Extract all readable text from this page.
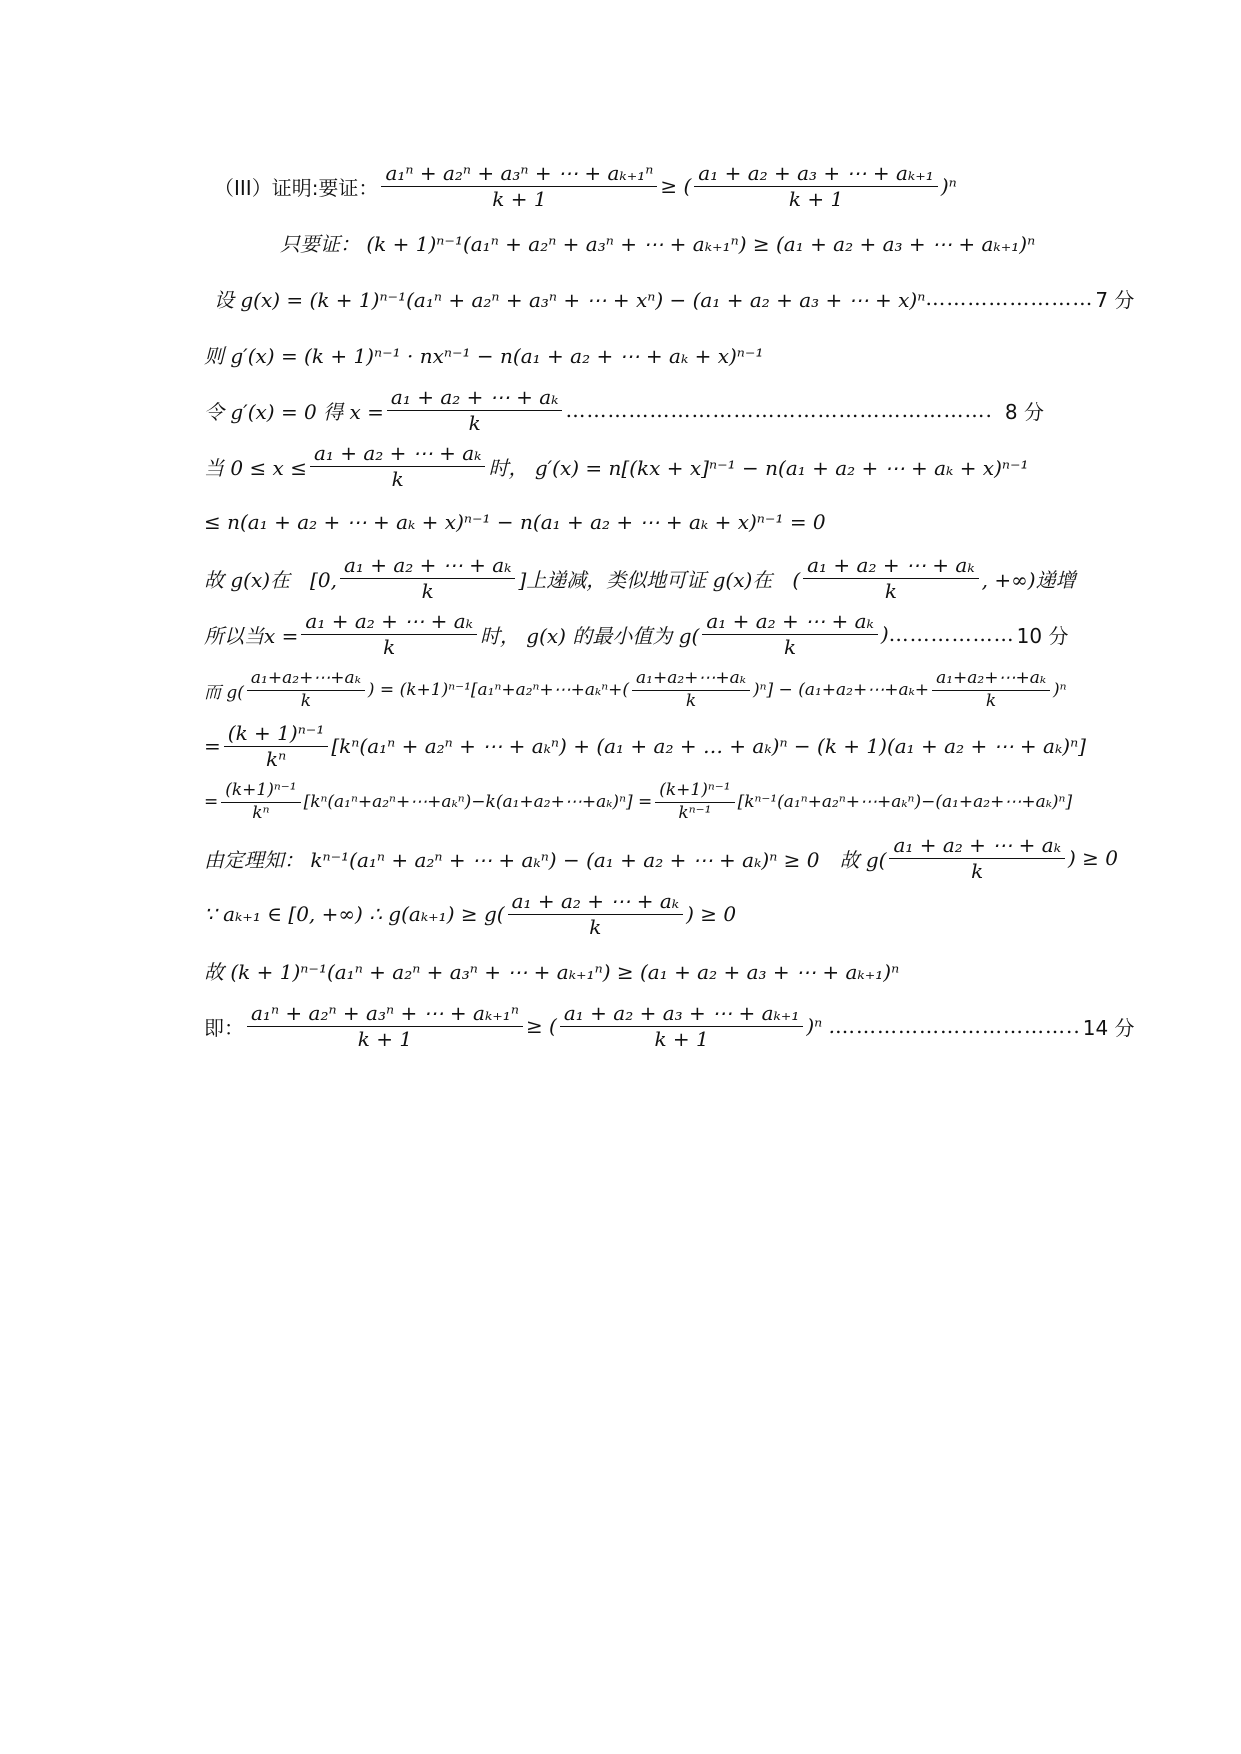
（III）证明:要证： $\frac{\text{a₁ⁿ + a₂ⁿ + a₃ⁿ + ⋯ + aₖ₊₁ⁿ}}{k + 1}$ ≥ ( $\frac{\text{a₁ + a₂ + a₃ + ⋯ + aₖ₊₁}}{k + 1} )^n$
只要证： (k + 1)ⁿ⁻¹(a₁ⁿ + a₂ⁿ + a₃ⁿ + ⋯ + aₖ₊₁ⁿ) ≥ (a₁ + a₂ + a₃ + ⋯ + aₖ₊₁)ⁿ
设 g(x) = (k + 1)ⁿ⁻¹(a₁ⁿ + a₂ⁿ + a₃ⁿ + ⋯ + xⁿ) − (a₁ + a₂ + a₃ + ⋯ + x)ⁿ …………………… 7 分
则 g′(x) = (k + 1)ⁿ⁻¹ · nxⁿ⁻¹ − n(a₁ + a₂ + ⋯ + aₖ + x)ⁿ⁻¹
令 g′(x) = 0 得 $x = \frac{\text{a₁ + a₂ + ⋯ + aₖ}}{k}$ ……………………………………………………. 8 分
当 $0 \le x \le \frac{\text{a₁ + a₂ + ⋯ + aₖ}}{k}$ 时， g′(x) = n[(kx + x]ⁿ⁻¹ − n(a₁ + a₂ + ⋯ + aₖ + x)ⁿ⁻¹
≤ n(a₁ + a₂ + ⋯ + aₖ + x)ⁿ⁻¹ − n(a₁ + a₂ + ⋯ + aₖ + x)ⁿ⁻¹ = 0
故 g(x)在　[0, $\frac{\text{a₁ + a₂ + ⋯ + aₖ}}{k}$ ]上递减，类似地可证 g(x)在　( $\frac{\text{a₁ + a₂ + ⋯ + aₖ}}{k}$ , +∞)递增
所以当$x = \frac{\text{a₁ + a₂ + ⋯ + aₖ}}{k}$ 时， g(x) 的最小值为 $g( \frac{\text{a₁ + a₂ + ⋯ + aₖ}}{k}$ ) ……………… 10 分
而 $g( \frac{\text{a₁+a₂+⋯+aₖ}}{k}$ ) = (k+1)ⁿ⁻¹[a₁ⁿ+a₂ⁿ+⋯+aₖⁿ+( $\frac{\text{a₁+a₂+⋯+aₖ}}{k} )^n$] − (a₁+a₂+⋯+aₖ+ $\frac{\text{a₁+a₂+⋯+aₖ}}{k} )^n$
= $\frac{\text{(k + 1)ⁿ⁻¹}}{\text{kⁿ}} [k^n(a_1^n + a_2^n$ + ⋯ + aₖⁿ) + (a₁ + a₂ + … + aₖ)ⁿ − (k + 1)(a₁ + a₂ + ⋯ + aₖ)ⁿ]
= $\frac{\text{(k+1)ⁿ⁻¹}}{\text{kⁿ}}$ [kⁿ(a₁ⁿ+a₂ⁿ+⋯+aₖⁿ)−k(a₁+a₂+⋯+aₖ)ⁿ] = $\frac{\text{(k+1)ⁿ⁻¹}}{\text{kⁿ⁻¹}}$ [kⁿ⁻¹(a₁ⁿ+a₂ⁿ+⋯+aₖⁿ)−(a₁+a₂+⋯+aₖ)ⁿ]
由定理知： kⁿ⁻¹(a₁ⁿ + a₂ⁿ + ⋯ + aₖⁿ) − (a₁ + a₂ + ⋯ + aₖ)ⁿ ≥ 0　故 $g( \frac{\text{a₁ + a₂ + ⋯ + aₖ}}{k}$ ) ≥ 0
∵ aₖ₊₁ ∈ [0, +∞) ∴ $g(a_{k+1}) \ge g( \frac{\text{a₁ + a₂ + ⋯ + aₖ}}{k}$ ) ≥ 0
故 (k + 1)ⁿ⁻¹(a₁ⁿ + a₂ⁿ + a₃ⁿ + ⋯ + aₖ₊₁ⁿ) ≥ (a₁ + a₂ + a₃ + ⋯ + aₖ₊₁)ⁿ
即： $\frac{\text{a₁ⁿ + a₂ⁿ + a₃ⁿ + ⋯ + aₖ₊₁ⁿ}}{k + 1}$ ≥ ( $\frac{\text{a₁ + a₂ + a₃ + ⋯ + aₖ₊₁}}{k + 1} )^n$ . …………………………….. 14 分
